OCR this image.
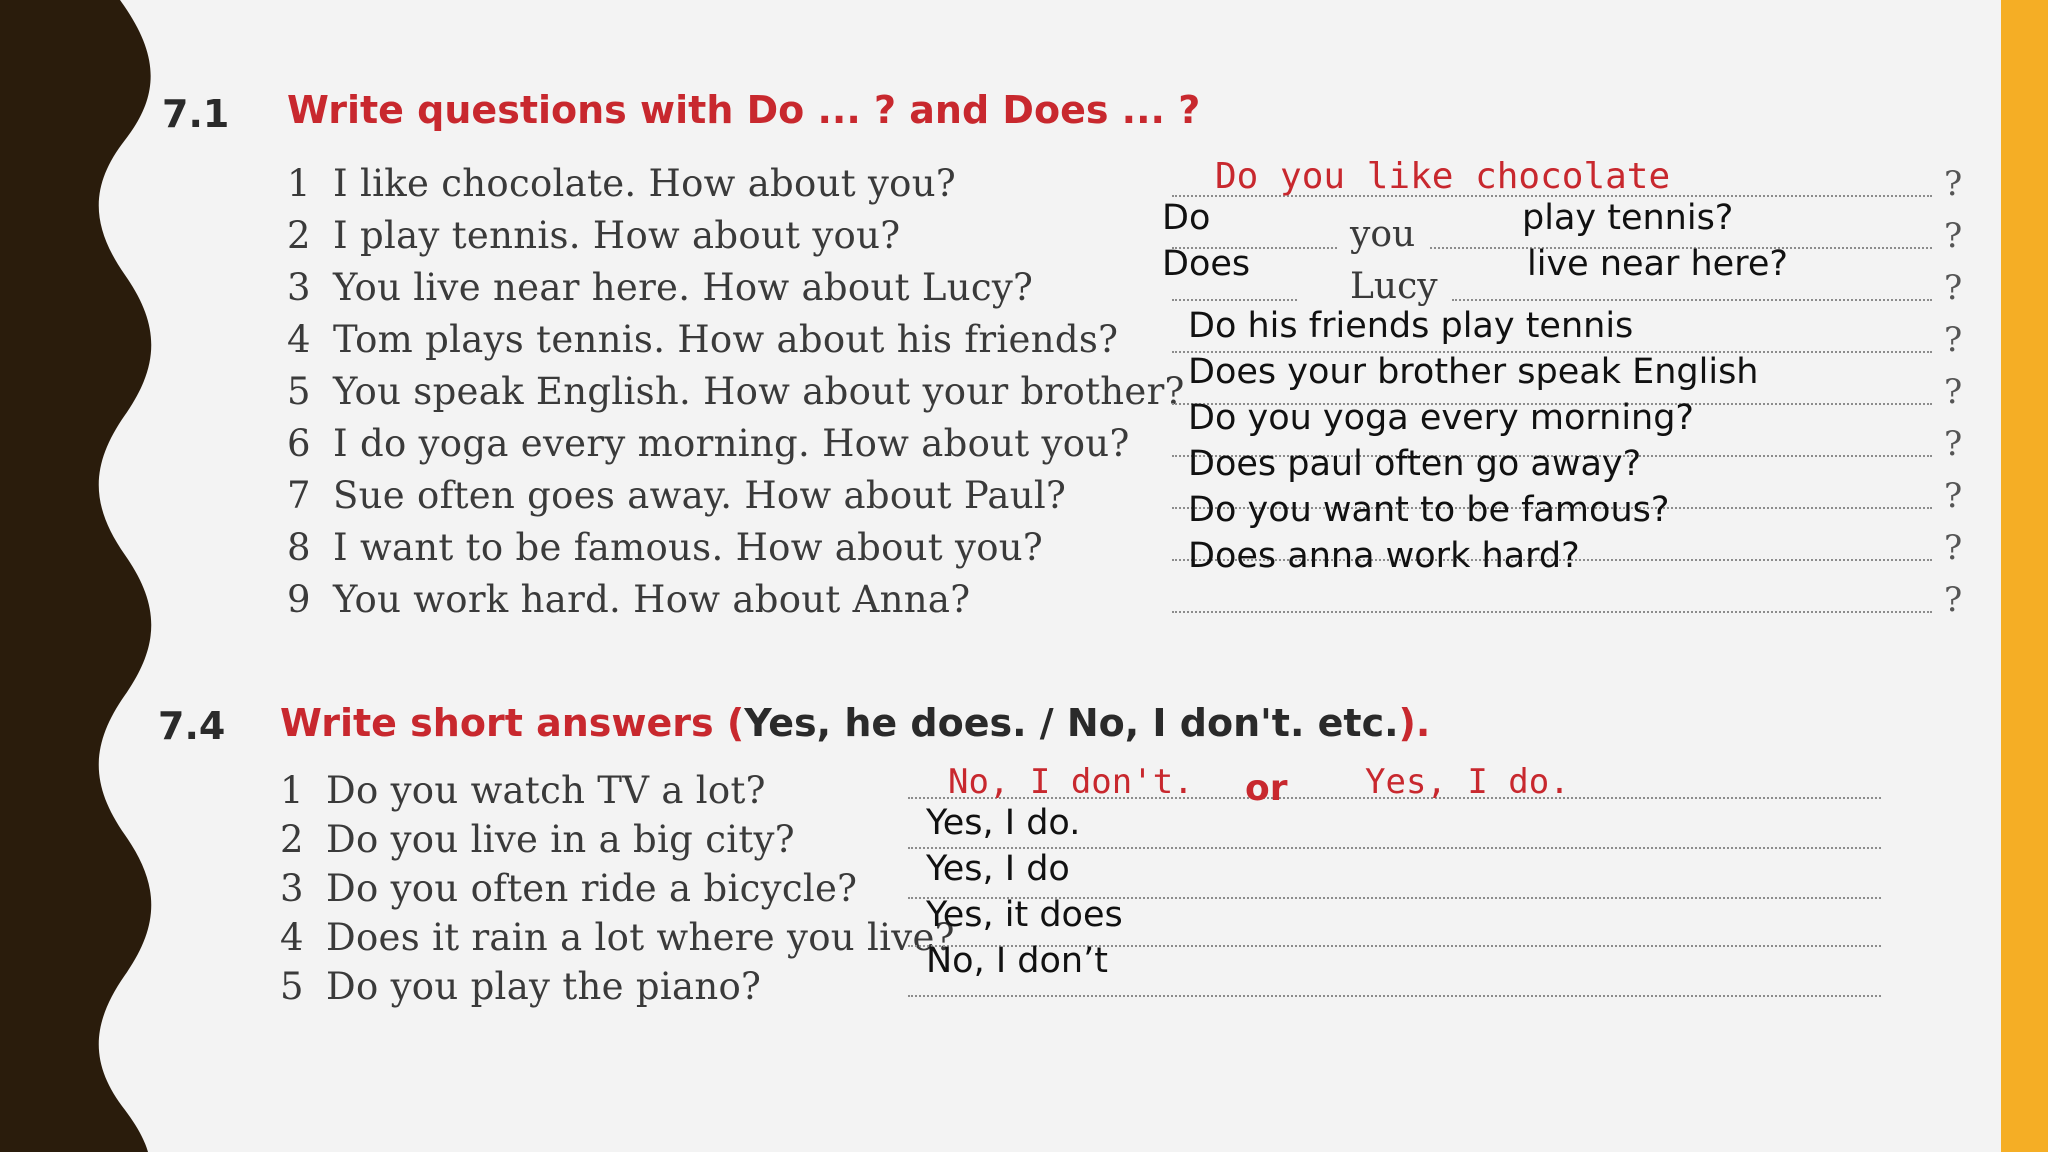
7.1 Write questions with Do ... ? and Does ... ?
1 I like chocolate. How about you?
2 I play tennis. How about you?
3 You live near here. How about Lucy?
4 Tom plays tennis. How about his friends?
5 You speak English. How about your brother?
6 I do yoga every morning. How about you?
7 Sue often goes away. How about Paul?
8 I want to be famous. How about you?
9 You work hard. How about Anna?
?
?
?
?
?
?
?
?
?
Do you like chocolate
you
Lucy
Do	play tennis?
Does	live near here?
Do his friends play tennis
Does your brother speak English
Do you yoga every morning?
Does paul often go away?
Do you want to be famous?
Does anna work hard?
7.4 Write short answers (Yes, he does. / No, I don't. etc.).
1 Do you watch TV a lot?
2 Do you live in a big city?
3 Do you often ride a bicycle?
4 Does it rain a lot where you live?
5 Do you play the piano?
No, I don't. or Yes, I do.
Yes, I do.
Yes, I do
Yes, it does
No, I don’t
